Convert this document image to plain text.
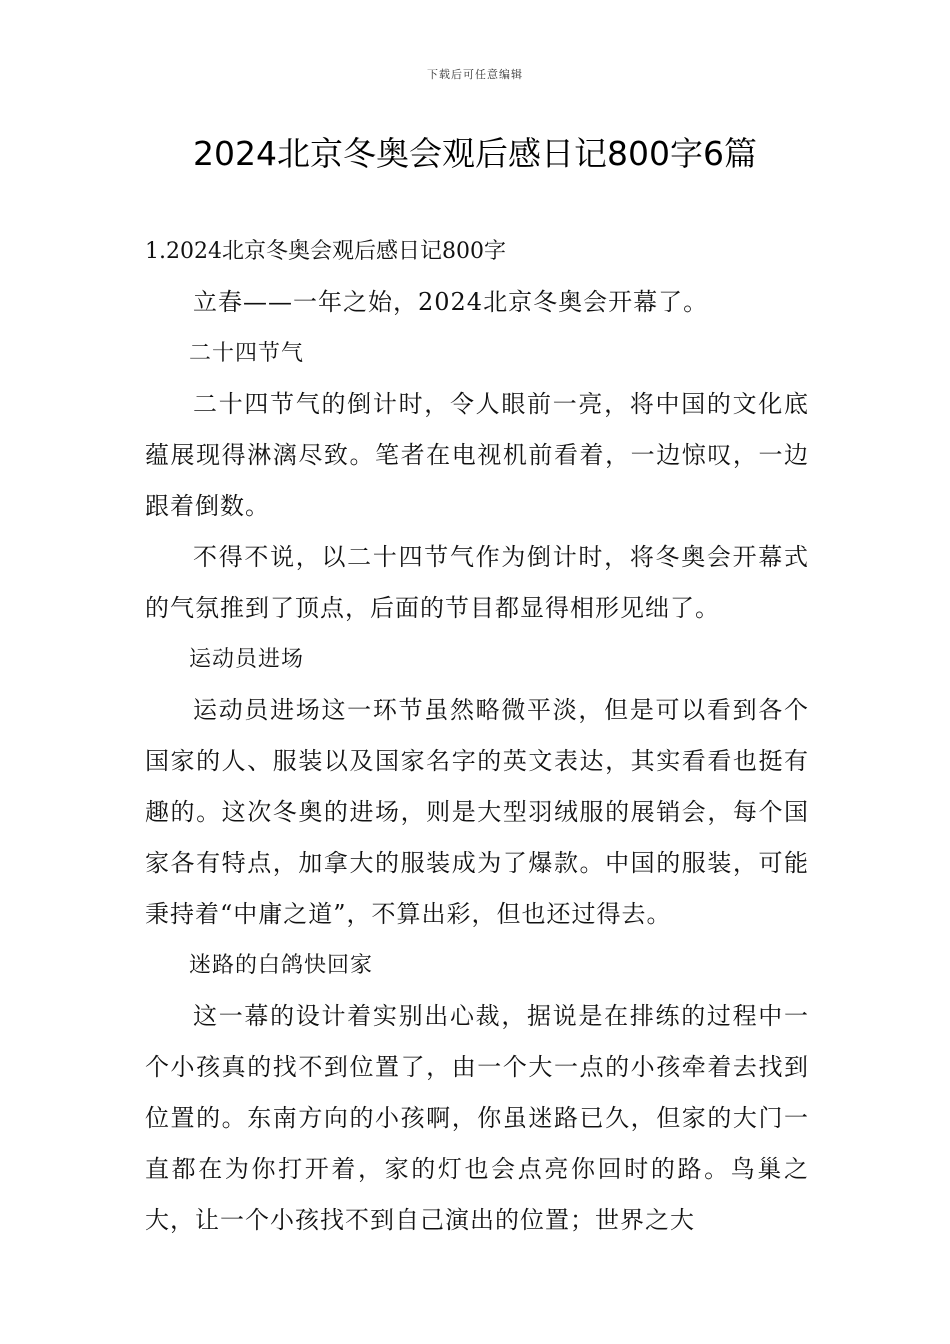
下载后可任意编辑
2024北京冬奥会观后感日记800字6篇

1.2024北京冬奥会观后感日记800字

立春——一年之始，2024北京冬奥会开幕了。

二十四节气

二十四节气的倒计时，令人眼前一亮，将中国的文化底蕴展现得淋漓尽致。笔者在电视机前看着，一边惊叹，一边跟着倒数。

不得不说，以二十四节气作为倒计时，将冬奥会开幕式的气氛推到了顶点，后面的节目都显得相形见绌了。

运动员进场

运动员进场这一环节虽然略微平淡，但是可以看到各个国家的人、服装以及国家名字的英文表达，其实看看也挺有趣的。这次冬奥的进场，则是大型羽绒服的展销会，每个国家各有特点，加拿大的服装成为了爆款。中国的服装，可能秉持着“中庸之道”，不算出彩，但也还过得去。

迷路的白鸽快回家

这一幕的设计着实别出心裁，据说是在排练的过程中一个小孩真的找不到位置了，由一个大一点的小孩牵着去找到位置的。东南方向的小孩啊，你虽迷路已久，但家的大门一直都在为你打开着，家的灯也会点亮你回时的路。鸟巢之大，让一个小孩找不到自己演出的位置；世界之大
